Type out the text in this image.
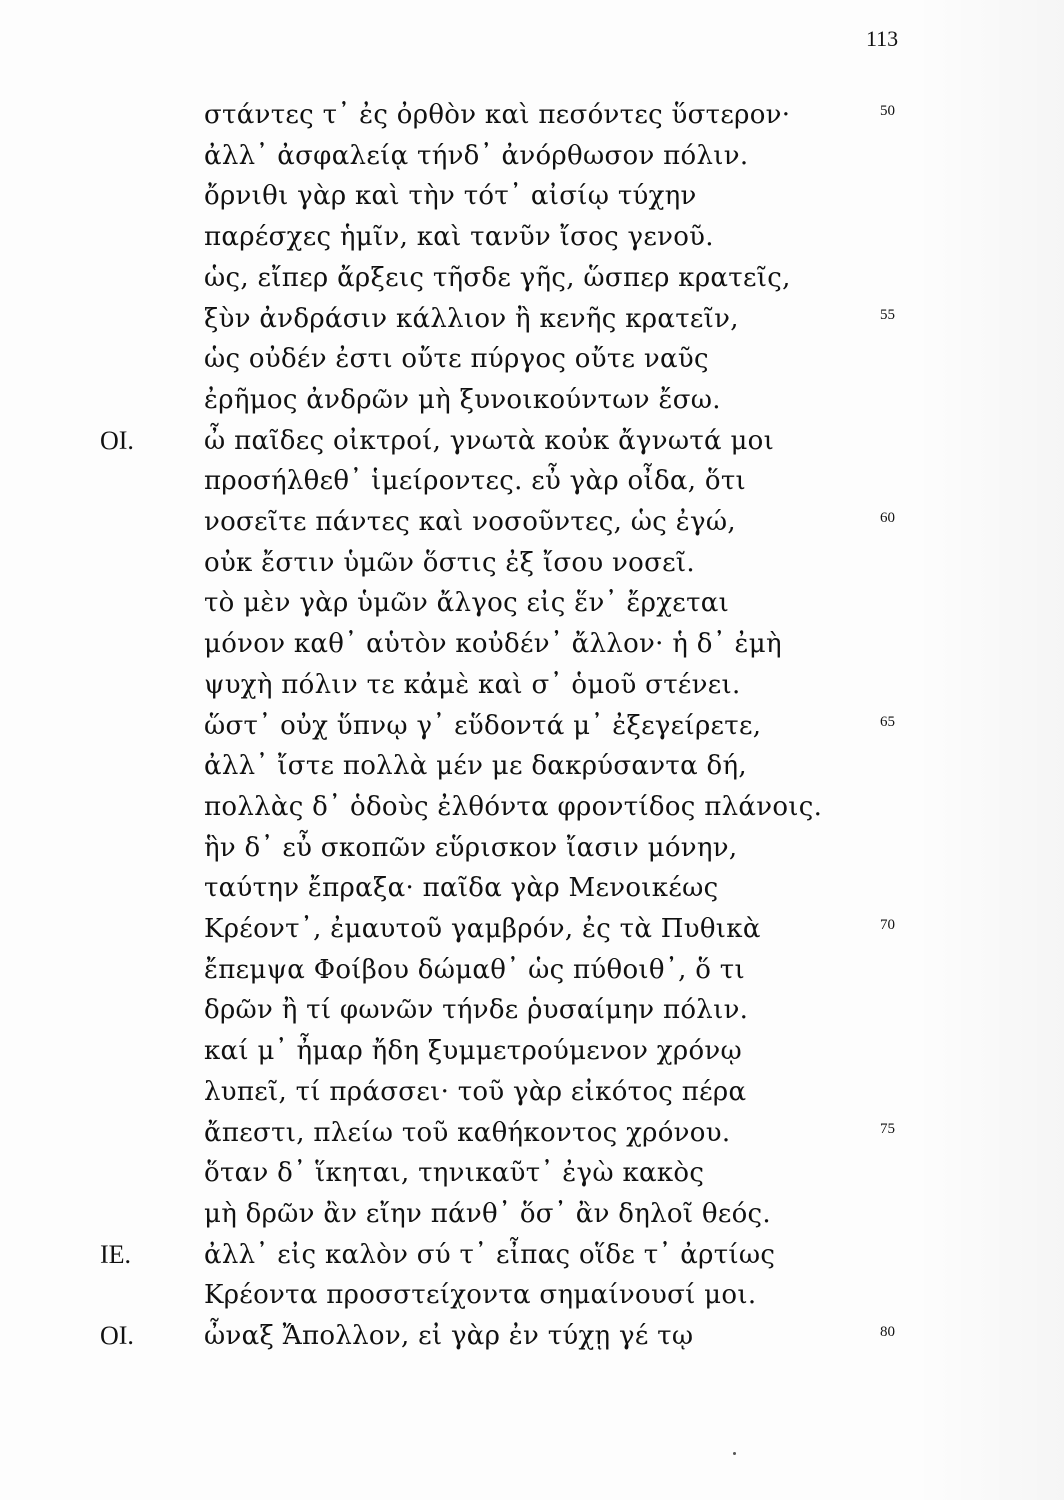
113
στάντες τ᾽ ἐς ὀρθὸν καὶ πεσόντες ὕστερον·	50
ἀλλ᾽ ἀσφαλείᾳ τήνδ᾽ ἀνόρθωσον πόλιν.
ὄρνιθι γὰρ καὶ τὴν τότ᾽ αἰσίῳ τύχην
παρέσχες ἡμῖν, καὶ τανῦν ἴσος γενοῦ.
ὡς, εἴπερ ἄρξεις τῆσδε γῆς, ὥσπερ κρατεῖς,
ξὺν ἀνδράσιν κάλλιον ἢ κενῆς κρατεῖν,	55
ὡς οὐδέν ἐστι οὔτε πύργος οὔτε ναῦς
ἐρῆμος ἀνδρῶν μὴ ξυνοικούντων ἔσω.
ΟΙ.	ὦ παῖδες οἰκτροί, γνωτὰ κοὐκ ἄγνωτά μοι
προσήλθεθ᾽ ἱμείροντες. εὖ γὰρ οἶδα, ὅτι
νοσεῖτε πάντες καὶ νοσοῦντες, ὡς ἐγώ,	60
οὐκ ἔστιν ὑμῶν ὅστις ἐξ ἴσου νοσεῖ.
τὸ μὲν γὰρ ὑμῶν ἄλγος εἰς ἕν᾽ ἔρχεται
μόνον καθ᾽ αὑτὸν κοὐδέν᾽ ἄλλον· ἡ δ᾽ ἐμὴ
ψυχὴ πόλιν τε κἀμὲ καὶ σ᾽ ὁμοῦ στένει.
ὥστ᾽ οὐχ ὕπνῳ γ᾽ εὕδοντά μ᾽ ἐξεγείρετε,	65
ἀλλ᾽ ἴστε πολλὰ μέν με δακρύσαντα δή,
πολλὰς δ᾽ ὁδοὺς ἐλθόντα φροντίδος πλάνοις.
ἣν δ᾽ εὖ σκοπῶν εὕρισκον ἴασιν μόνην,
ταύτην ἔπραξα· παῖδα γὰρ Μενοικέως
Κρέοντ᾽, ἐμαυτοῦ γαμβρόν, ἐς τὰ Πυθικὰ	70
ἔπεμψα Φοίβου δώμαθ᾽ ὡς πύθοιθ᾽, ὅ τι
δρῶν ἢ τί φωνῶν τήνδε ῥυσαίμην πόλιν.
καί μ᾽ ἦμαρ ἤδη ξυμμετρούμενον χρόνῳ
λυπεῖ, τί πράσσει· τοῦ γὰρ εἰκότος πέρα
ἄπεστι, πλείω τοῦ καθήκοντος χρόνου.	75
ὅταν δ᾽ ἵκηται, τηνικαῦτ᾽ ἐγὼ κακὸς
μὴ δρῶν ἂν εἴην πάνθ᾽ ὅσ᾽ ἂν δηλοῖ θεός.
ΙΕ.	ἀλλ᾽ εἰς καλὸν σύ τ᾽ εἶπας οἵδε τ᾽ ἀρτίως
Κρέοντα προσστείχοντα σημαίνουσί μοι.
ΟΙ.	ὦναξ Ἄπολλον, εἰ γὰρ ἐν τύχῃ γέ τῳ	80
